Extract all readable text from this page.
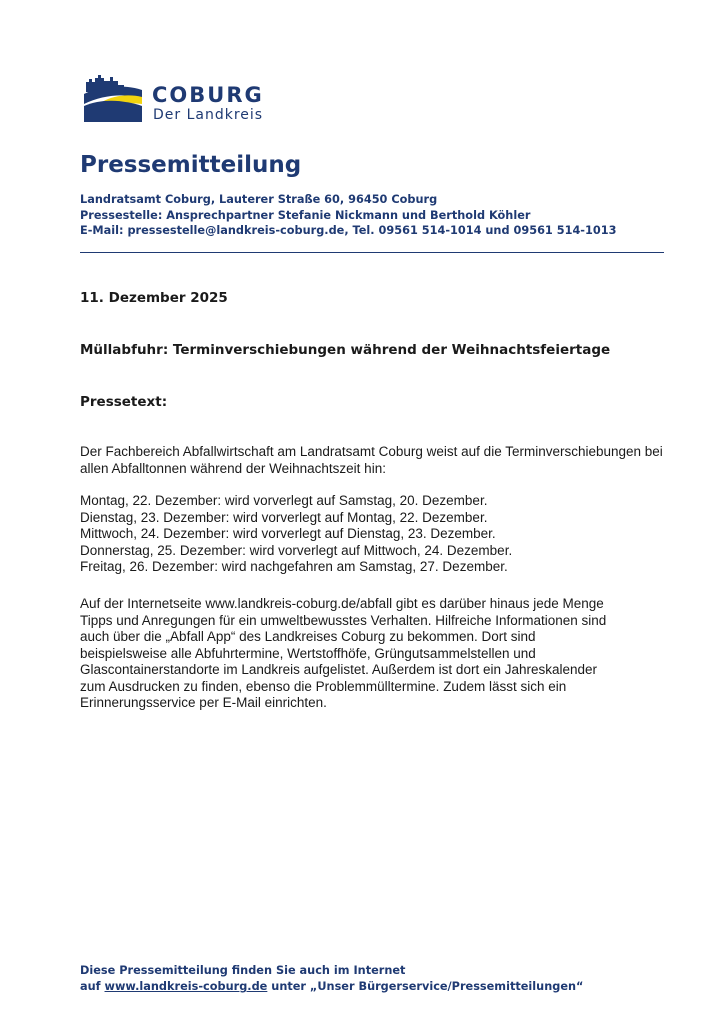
COBURG
Der Landkreis
Pressemitteilung
Landratsamt Coburg, Lauterer Straße 60, 96450 Coburg
Pressestelle: Ansprechpartner Stefanie Nickmann und Berthold Köhler
E-Mail: pressestelle@landkreis-coburg.de, Tel. 09561 514-1014 und 09561 514-1013

11. Dezember 2025

Müllabfuhr: Terminverschiebungen während der Weihnachtsfeiertage

Pressetext:

Der Fachbereich Abfallwirtschaft am Landratsamt Coburg weist auf die Terminverschiebungen bei allen Abfalltonnen während der Weihnachtszeit hin:

Montag, 22. Dezember: wird vorverlegt auf Samstag, 20. Dezember.
Dienstag, 23. Dezember: wird vorverlegt auf Montag, 22. Dezember.
Mittwoch, 24. Dezember: wird vorverlegt auf Dienstag, 23. Dezember.
Donnerstag, 25. Dezember: wird vorverlegt auf Mittwoch, 24. Dezember.
Freitag, 26. Dezember: wird nachgefahren am Samstag, 27. Dezember.

Auf der Internetseite www.landkreis-coburg.de/abfall gibt es darüber hinaus jede Menge
Tipps und Anregungen für ein umweltbewusstes Verhalten. Hilfreiche Informationen sind
auch über die „Abfall App“ des Landkreises Coburg zu bekommen. Dort sind
beispielsweise alle Abfuhrtermine, Wertstoffhöfe, Grüngutsammelstellen und
Glascontainerstandorte im Landkreis aufgelistet. Außerdem ist dort ein Jahreskalender
zum Ausdrucken zu finden, ebenso die Problemmülltermine. Zudem lässt sich ein
Erinnerungsservice per E-Mail einrichten.

Diese Pressemitteilung finden Sie auch im Internet
auf www.landkreis-coburg.de unter „Unser Bürgerservice/Pressemitteilungen“
